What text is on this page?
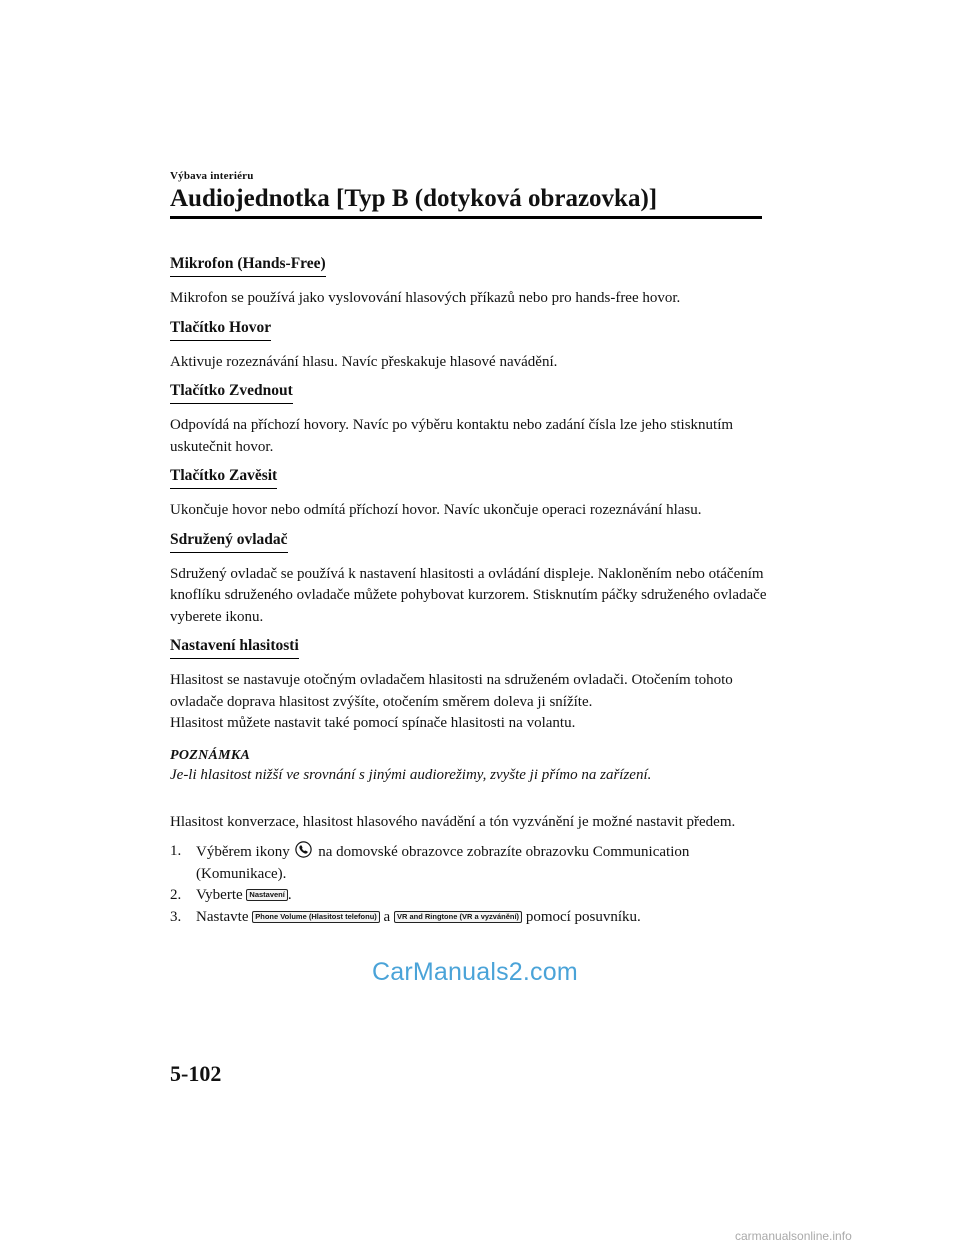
Výbava interiéru
Audiojednotka [Typ B (dotyková obrazovka)]
Mikrofon (Hands-Free)

Mikrofon se používá jako vyslovování hlasových příkazů nebo pro hands-free hovor.

Tlačítko Hovor

Aktivuje rozeznávání hlasu. Navíc přeskakuje hlasové navádění.

Tlačítko Zvednout

Odpovídá na příchozí hovory. Navíc po výběru kontaktu nebo zadání čísla lze jeho stisknutím uskutečnit hovor.

Tlačítko Zavěsit

Ukončuje hovor nebo odmítá příchozí hovor. Navíc ukončuje operaci rozeznávání hlasu.

Sdružený ovladač

Sdružený ovladač se používá k nastavení hlasitosti a ovládání displeje. Nakloněním nebo otáčením knoflíku sdruženého ovladače můžete pohybovat kurzorem. Stisknutím páčky sdruženého ovladače vyberete ikonu.

Nastavení hlasitosti

Hlasitost se nastavuje otočným ovladačem hlasitosti na sdruženém ovladači. Otočením tohoto ovladače doprava hlasitost zvýšíte, otočením směrem doleva ji snížíte.

Hlasitost můžete nastavit také pomocí spínače hlasitosti na volantu.

POZNÁMKA

Je-li hlasitost nižší ve srovnání s jinými audiorežimy, zvyšte ji přímo na zařízení.

Hlasitost konverzace, hlasitost hlasového navádění a tón vyzvánění je možné nastavit předem.

1. Výběrem ikony na domovské obrazovce zobrazíte obrazovku Communication (Komunikace).
2. Vyberte Nastavení .
3. Nastavte Phone Volume (Hlasitost telefonu) a VR and Ringtone (VR a vyzvánění) pomocí posuvníku.
CarManuals2.com
5-102
carmanualsonline.info
